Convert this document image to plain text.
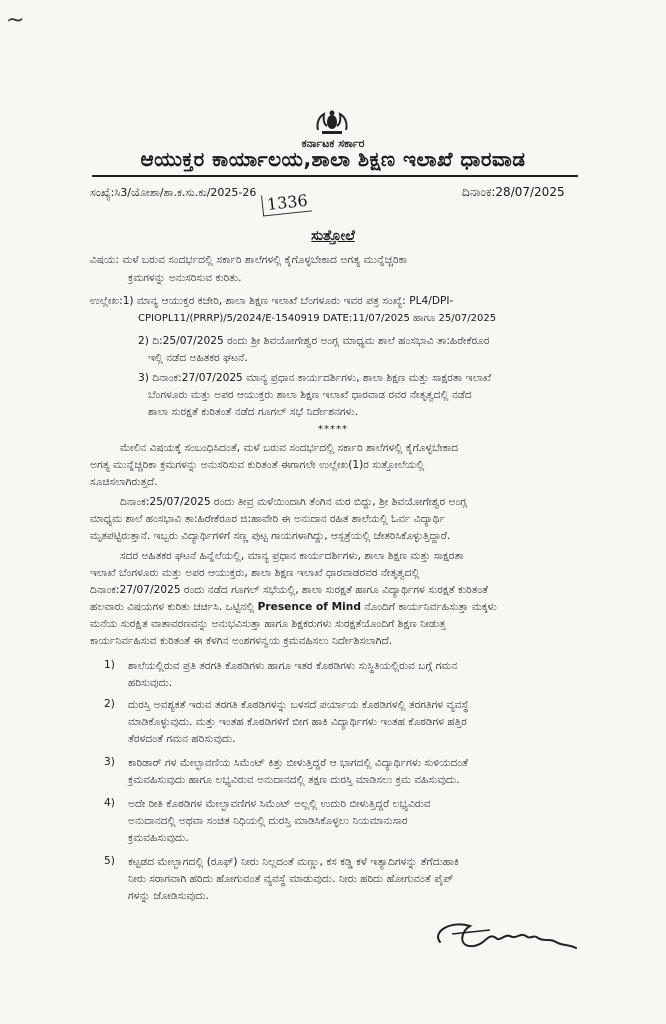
~
ಕರ್ನಾಟಕ ಸರ್ಕಾರ
ಆಯುಕ್ತರ ಕಾರ್ಯಾಲಯ,ಶಾಲಾ ಶಿಕ್ಷಣ ಇಲಾಖೆ ಧಾರವಾಡ
ಸಂಖ್ಯೆ:ಸಿ3/ಯೋಶಾ/ಶಾ.ಕ.ಸು.ಕು/2025-26 1336	ದಿನಾಂಕ:28/07/2025
ಸುತ್ತೋಲೆ
ವಿಷಯ: ಮಳೆ ಬರುವ ಸಂದರ್ಭದಲ್ಲಿ ಸರ್ಕಾರಿ ಶಾಲೆಗಳಲ್ಲಿ ಕೈಗೊಳ್ಳಬೇಕಾದ ಅಗತ್ಯ ಮುನ್ನೆಚ್ಚರಿಕಾ
ಕ್ರಮಗಳನ್ನು ಅನುಸರಿಸುವ ಕುರಿತು.
ಉಲ್ಲೇಖ:1) ಮಾನ್ಯ ಆಯುಕ್ತರ ಕಚೇರಿ, ಶಾಲಾ ಶಿಕ್ಷಣ ಇಲಾಖೆ ಬೆಂಗಳೂರು ಇವರ ಪತ್ರ ಸಂಖ್ಯೆ: PL4/DPI-
CPIOPL11/(PRRP)/5/2024/E-1540919 DATE:11/07/2025 ಹಾಗೂ 25/07/2025
2) ದಿ:25/07/2025 ರಂದು ಶ್ರೀ ಶಿವಯೋಗೇಶ್ವರ ಅಂಗ್ಲ ಮಾಧ್ಯಮ ಶಾಲೆ ಹಂಸಭಾವಿ ತಾ:ಹಿರೇಕೆರೂರ
ಇಲ್ಲಿ ನಡೆದ ಅಹಿತಕರ ಘಟನೆ.
3) ದಿನಾಂಕ:27/07/2025 ಮಾನ್ಯ ಪ್ರಧಾನ ಕಾರ್ಯದರ್ಶಿಗಳು, ಶಾಲಾ ಶಿಕ್ಷಣ ಮತ್ತು ಸಾಕ್ಷರತಾ ಇಲಾಖೆ
ಬೆಂಗಳೂರು ಮತ್ತು ಅಪರ ಆಯುಕ್ತರು ಶಾಲಾ ಶಿಕ್ಷಣ ಇಲಾಖೆ ಧಾರವಾಡ ರವರ ನೇತೃತ್ವದಲ್ಲಿ ನಡೆದ
ಶಾಲಾ ಸುರಕ್ಷತೆ ಕುರಿತಂತೆ ನಡೆದ ಗೂಗಲ್ ಸಭೆ ನಿರ್ದೇಶನಗಳು.
*****
ಮೇಲಿನ ವಿಷಯಕ್ಕೆ ಸಂಬಂಧಿಸಿದಂತೆ, ಮಳೆ ಬರುವ ಸಂದರ್ಭದಲ್ಲಿ ಸರ್ಕಾರಿ ಶಾಲೆಗಳಲ್ಲಿ ಕೈಗೊಳ್ಳಬೇಕಾದ
ಅಗತ್ಯ ಮುನ್ನೆಚ್ಚರಿಕಾ ಕ್ರಮಗಳನ್ನು ಅನುಸರಿಸುವ ಕುರಿತಂತೆ ಈಗಾಗಲೇ ಉಲ್ಲೇಖ(1)ರ ಸುತ್ತೋಲೆಯಲ್ಲಿ
ಸೂಚಿಸಲಾಗಿರುತ್ತದೆ.
ದಿನಾಂಕ:25/07/2025 ರಂದು ತೀವ್ರ ಮಳೆಯಿಂದಾಗಿ ತೆಂಗಿನ ಮರ ಬಿದ್ದು, ಶ್ರೀ ಶಿವಯೋಗೇಶ್ವರ ಅಂಗ್ಲ
ಮಾಧ್ಯಮ ಶಾಲೆ ಹಂಸಭಾವಿ ತಾ:ಹಿರೇಕೆರೂರ ಜಿ:ಹಾವೇರಿ ಈ ಅನುದಾನ ರಹಿತ ಶಾಲೆಯಲ್ಲಿ ಓರ್ವ ವಿದ್ಯಾರ್ಥಿ
ಮೃತಪಟ್ಟಿರುತ್ತಾನೆ. ಇಬ್ಬರು ವಿದ್ಯಾರ್ಥಿಗಳಿಗೆ ಸಣ್ಣ ಪುಟ್ಟ ಗಾಯಗಳಾಗಿದ್ದು, ಆಸ್ಪತ್ರೆಯಲ್ಲಿ ಚೇತರಿಸಿಕೊಳ್ಳುತ್ತಿದ್ದಾರೆ.
ಸದರ ಅಹಿತಕರ ಘಟನೆ ಹಿನ್ನೆಲೆಯಲ್ಲಿ, ಮಾನ್ಯ ಪ್ರಧಾನ ಕಾರ್ಯದರ್ಶಿಗಳು, ಶಾಲಾ ಶಿಕ್ಷಣ ಮತ್ತು ಸಾಕ್ಷರತಾ
ಇಲಾಖೆ ಬೆಂಗಳೂರು ಮತ್ತು ಅಪರ ಆಯುಕ್ತರು, ಶಾಲಾ ಶಿಕ್ಷಣ ಇಲಾಖೆ ಧಾರವಾಡರವರ ನೇತೃತ್ವದಲ್ಲಿ
ದಿನಾಂಕ:27/07/2025 ರಂದು ನಡೆದ ಗೂಗಲ್ ಸಭೆಯಲ್ಲಿ, ಶಾಲಾ ಸುರಕ್ಷತೆ ಹಾಗೂ ವಿದ್ಯಾರ್ಥಿಗಳ ಸುರಕ್ಷತೆ ಕುರಿತಂತೆ
ಹಲವಾರು ವಿಷಯಗಳ ಕುರಿತು ಚರ್ಚಿಸಿ. ಒಟ್ಟಿನಲ್ಲಿ Presence of Mind ನೊಂದಿಗೆ ಕಾರ್ಯನಿರ್ವಹಿಸುತ್ತಾ ಮಕ್ಕಳು
ಮನೆಯ ಸುರಕ್ಷಿತ ವಾತಾವರಣವನ್ನು ಅನುಭವಿಸುತ್ತಾ ಹಾಗೂ ಶಿಕ್ಷಕರುಗಳು ಸುರಕ್ಷತೆಯೊಂದಿಗೆ ಶಿಕ್ಷಣ ನೀಡುತ್ತ
ಕಾರ್ಯನಿರ್ವಹಿಸುವ ಕುರಿತಂತೆ ಈ ಕೆಳಗಿನ ಅಂಶಗಳನ್ವಯ ಕ್ರಮವಹಿಸಲು ನಿರ್ದೇಶಿಸಲಾಗಿದೆ.
1) ಶಾಲೆಯಲ್ಲಿರುವ ಪ್ರತಿ ತರಗತಿ ಕೊಠಡಿಗಳು ಹಾಗೂ ಇತರ ಕೊಠಡಿಗಳು ಸುಸ್ಥಿತಿಯಲ್ಲಿರುವ ಬಗ್ಗೆ ಗಮನ
ಹರಿಸುವುದು.
2) ದುರಸ್ತಿ ಅವಶ್ಯಕತೆ ಇರುವ ತರಗತಿ ಕೊಠಡಿಗಳನ್ನು ಬಳಸದೆ ಪರ್ಯಾಯ ಕೊಠಡಿಗಳಲ್ಲಿ ತರಗತಿಗಳ ವ್ಯವಸ್ಥೆ
ಮಾಡಿಕೊಳ್ಳುವುದು. ಮತ್ತು ಇಂತಹ ಕೊಠಡಿಗಳಿಗೆ ಬೀಗ ಹಾಕಿ ವಿದ್ಯಾರ್ಥಿಗಳು ಇಂತಹ ಕೊಠಡಿಗಳ ಹತ್ತಿರ
ತೆರಳದಂತೆ ಗಮನ ಹರಿಸುವುದು.
3) ಕಾರಿಡಾರ್ ಗಳ ಮೇಲ್ಛಾವಣಿಯ ಸಿಮೆಂಟ್ ಕಿತ್ತು ಬೀಳುತ್ತಿದ್ದರೆ ಆ ಭಾಗದಲ್ಲಿ ವಿದ್ಯಾರ್ಥಿಗಳು ಸುಳಿಯದಂತೆ
ಕ್ರಮವಹಿಸುವುದು ಹಾಗೂ ಲಭ್ಯವಿರುವ ಅನುದಾನದಲ್ಲಿ ತಕ್ಷಣ ದುರಸ್ತಿ ಮಾಡಿಸಲು ಕ್ರಮ ವಹಿಸುವುದು.
4) ಅದೇ ರೀತಿ ಕೊಠಡಿಗಳ ಮೇಲ್ಛಾವಣಿಗಳ ಸಿಮೆಂಟ್ ಅಲ್ಲಲ್ಲಿ ಉದುರಿ ಬೀಳುತ್ತಿದ್ದರೆ ಲಭ್ಯವಿರುವ
ಅನುದಾನದಲ್ಲಿ ಅಥವಾ ಸಂಚಿತ ನಿಧಿಯಲ್ಲಿ ದುರಸ್ತಿ ಮಾಡಿಸಿಕೊಳ್ಳಲು ನಿಯಮಾನುಸಾರ
ಕ್ರಮವಹಿಸುವುದು.
5) ಕಟ್ಟಡದ ಮೇಲ್ಭಾಗದಲ್ಲಿ (ರೂಫ್) ನೀರು ನಿಲ್ಲದಂತೆ ಮಣ್ಣು, ಕಸ ಕಡ್ಡಿ ಕಳೆ ಇತ್ಯಾದಿಗಳನ್ನು ತೆಗೆದುಹಾಕಿ
ನೀರು ಸರಾಗವಾಗಿ ಹರಿದು ಹೋಗುವಂತೆ ವ್ಯವಸ್ಥೆ ಮಾಡುವುದು. ನೀರು ಹರಿದು ಹೋಗುವಂತೆ ಪೈಪ್
ಗಳನ್ನು ಜೋಡಿಸುವುದು.
